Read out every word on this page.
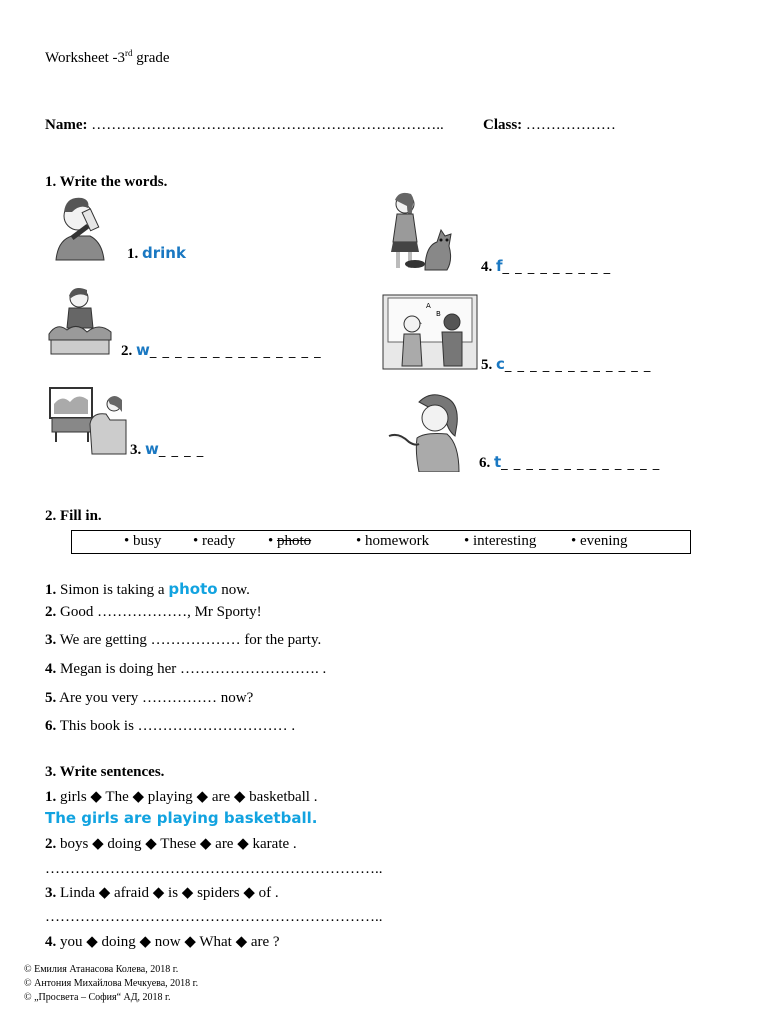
Worksheet -3rd grade
Name: ……………………………………………………………..	Class: ………………
1. Write the words.
1. drink
4. f_ _ _ _ _ _ _ _ _
2. w_ _ _ _ _ _ _ _ _ _ _ _ _ _
A
B
5. c_ _ _ _ _ _ _ _ _ _ _ _
3. w_ _ _ _
6. t_ _ _ _ _ _ _ _ _ _ _ _ _
2. Fill in.
• busy • ready • photo	• homework • interesting • evening
1. Simon is taking a photo now.
2. Good ………………, Mr Sporty!
3. We are getting ……………… for the party.
4. Megan is doing her ………………………. .
5. Are you very …………… now?
6. This book is ………………………… .
3. Write sentences.
1. girls ◆ The ◆ playing ◆ are ◆ basketball .
The girls are playing basketball.
2. boys ◆ doing ◆ These ◆ are ◆ karate .
…………………………………………………………..
3. Linda ◆ afraid ◆ is ◆ spiders ◆ of .
…………………………………………………………..
4. you ◆ doing ◆ now ◆ What ◆ are ?
© Емилия Атанасова Колева, 2018 г.
© Антония Михайлова Мечкуева, 2018 г.
© „Просвета – София“ АД, 2018 г.
